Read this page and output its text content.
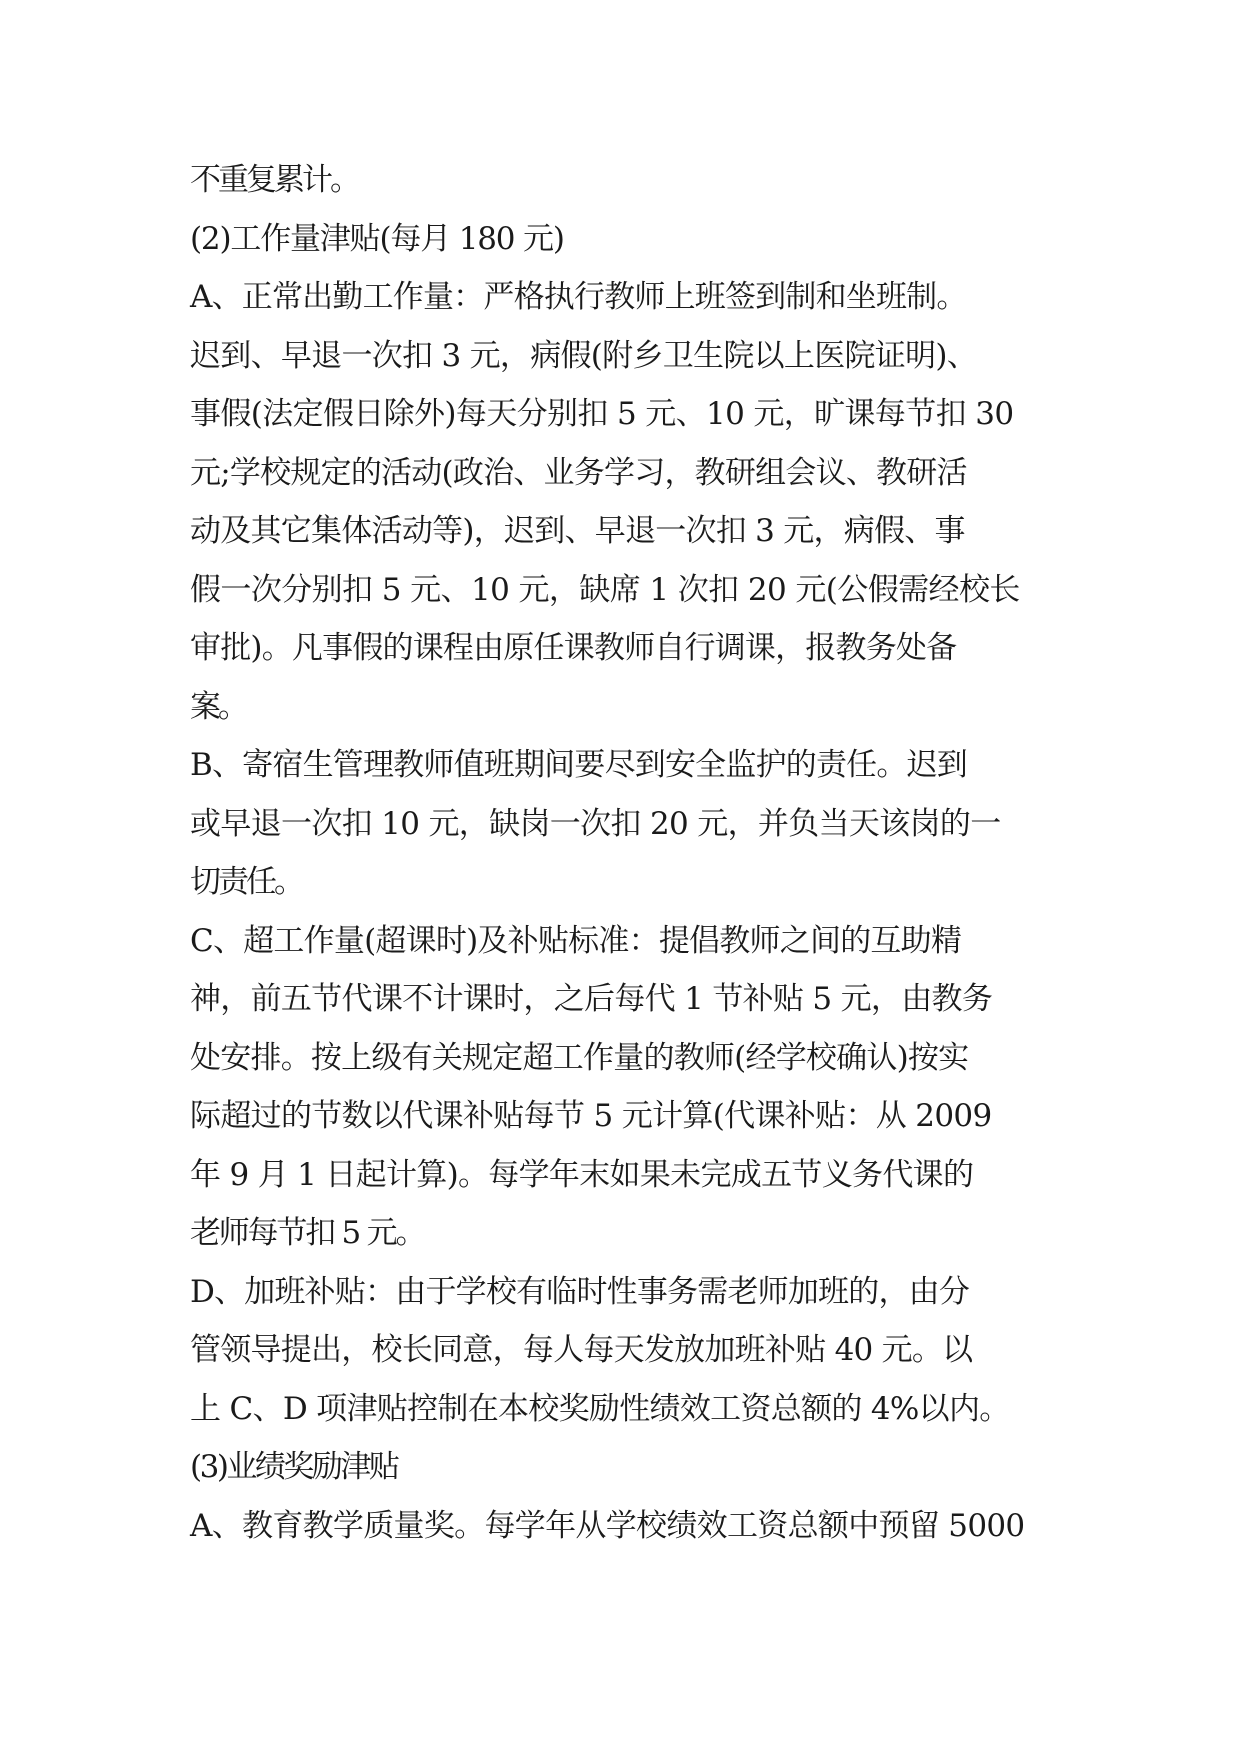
不重复累计。
(2)工作量津贴(每月 180 元)
A、正常出勤工作量：严格执行教师上班签到制和坐班制。
迟到、早退一次扣 3 元，病假(附乡卫生院以上医院证明)、
事假(法定假日除外)每天分别扣 5 元、10 元，旷课每节扣 30
元;学校规定的活动(政治、业务学习，教研组会议、教研活
动及其它集体活动等)，迟到、早退一次扣 3 元，病假、事
假一次分别扣 5 元、10 元，缺席 1 次扣 20 元(公假需经校长
审批)。凡事假的课程由原任课教师自行调课，报教务处备
案。
B、寄宿生管理教师值班期间要尽到安全监护的责任。迟到
或早退一次扣 10 元，缺岗一次扣 20 元，并负当天该岗的一
切责任。
C、超工作量(超课时)及补贴标准：提倡教师之间的互助精
神，前五节代课不计课时，之后每代 1 节补贴 5 元，由教务
处安排。按上级有关规定超工作量的教师(经学校确认)按实
际超过的节数以代课补贴每节 5 元计算(代课补贴：从 2009
年 9 月 1 日起计算)。每学年末如果未完成五节义务代课的
老师每节扣 5 元。
D、加班补贴：由于学校有临时性事务需老师加班的，由分
管领导提出，校长同意，每人每天发放加班补贴 40 元。以
上 C、D 项津贴控制在本校奖励性绩效工资总额的 4%以内。
(3)业绩奖励津贴
A、教育教学质量奖。每学年从学校绩效工资总额中预留 5000
